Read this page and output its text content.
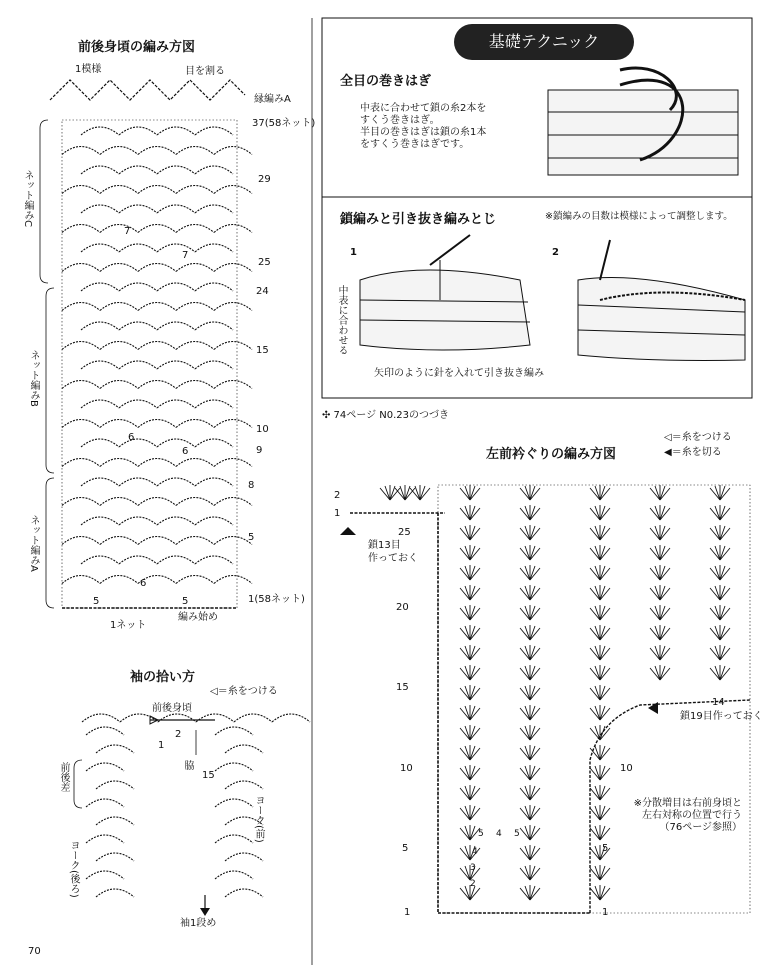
前後身頃の編み方図
1模様	目を割る
縁編みA
37(58ネット)
29
25
24
15
10
9
8
5
1(58ネット)
ネット編みC
ネット編みB
ネット編みA
7
7
6
6
6
5	5
1ネット
編み始め
袖の拾い方
◁＝糸をつける
前後身頃
2
1
15
前後差	脇
ヨーク(前)
ヨーク(後ろ)
袖1段め
70
基礎テクニック
全目の巻きはぎ
中表に合わせて鎖の糸2本を
すくう巻きはぎ。
半目の巻きはぎは鎖の糸1本
をすくう巻きはぎです。
鎖編みと引き抜き編みとじ	※鎖編みの目数は模様によって調整します。
1	2
中表に合わせる
矢印のように針を入れて引き抜き編み
✣ 74ページ N0.23のつづき
左前衿ぐりの編み方図
◁＝糸をつける
◀＝糸を切る
2
1
25
鎖13目
作っておく
20
15
10	10
5	5
1	1
14
鎖19目作っておく
※分散増目は右前身頃と
左右対称の位置で行う
（76ページ参照）
5
4
3
2
4 5
